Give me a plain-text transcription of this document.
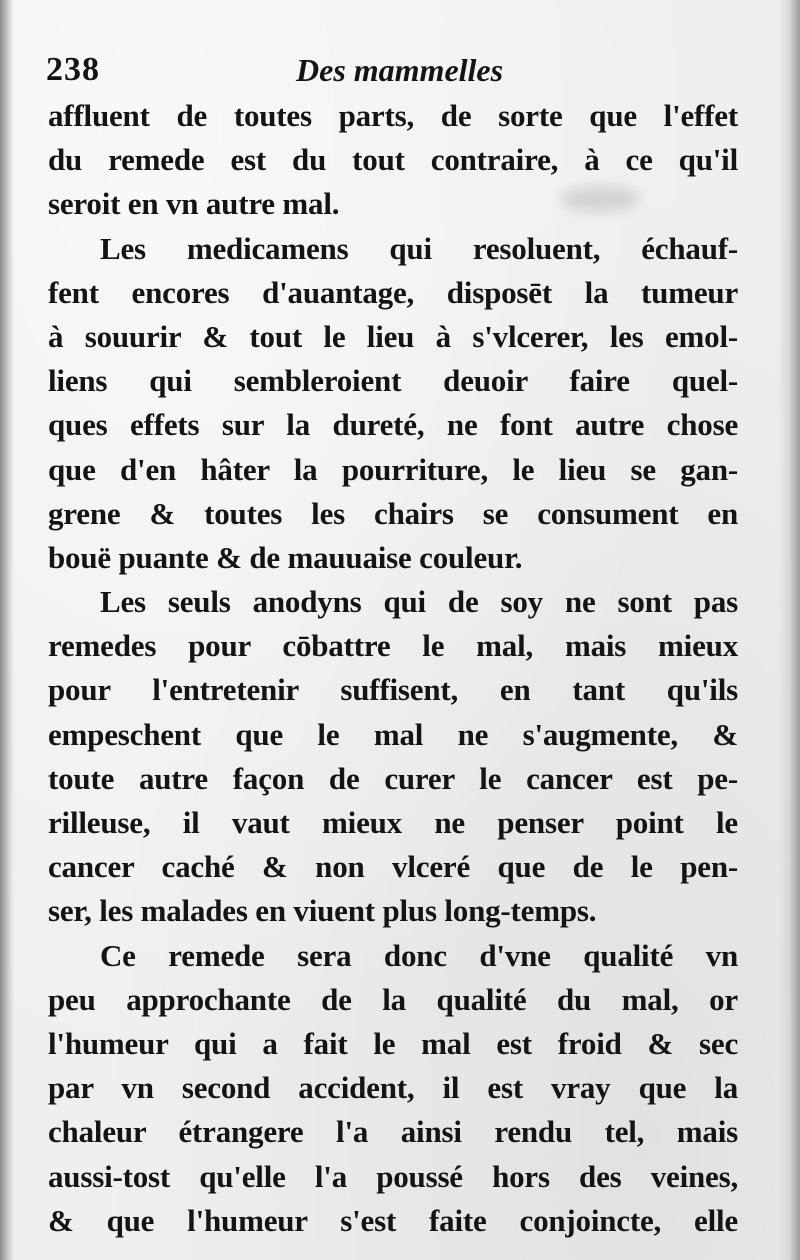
238	Des mammelles
affluent de toutes parts, de sorte que l'effet
du remede est du tout contraire, à ce qu'il
seroit en vn autre mal.
Les medicamens qui resoluent, échauf-
fent encores d'auantage, disposēt la tumeur
à souurir & tout le lieu à s'vlcerer, les emol-
liens qui sembleroient deuoir faire quel-
ques effets sur la dureté, ne font autre chose
que d'en hâter la pourriture, le lieu se gan-
grene & toutes les chairs se consument en
bouë puante & de mauuaise couleur.
Les seuls anodyns qui de soy ne sont pas
remedes pour cōbattre le mal, mais mieux
pour l'entretenir suffisent, en tant qu'ils
empeschent que le mal ne s'augmente, &
toute autre façon de curer le cancer est pe-
rilleuse, il vaut mieux ne penser point le
cancer caché & non vlceré que de le pen-
ser, les malades en viuent plus long-temps.
Ce remede sera donc d'vne qualité vn
peu approchante de la qualité du mal, or
l'humeur qui a fait le mal est froid & sec
par vn second accident, il est vray que la
chaleur étrangere l'a ainsi rendu tel, mais
aussi-tost qu'elle l'a poussé hors des veines,
& que l'humeur s'est faite conjoincte, elle
